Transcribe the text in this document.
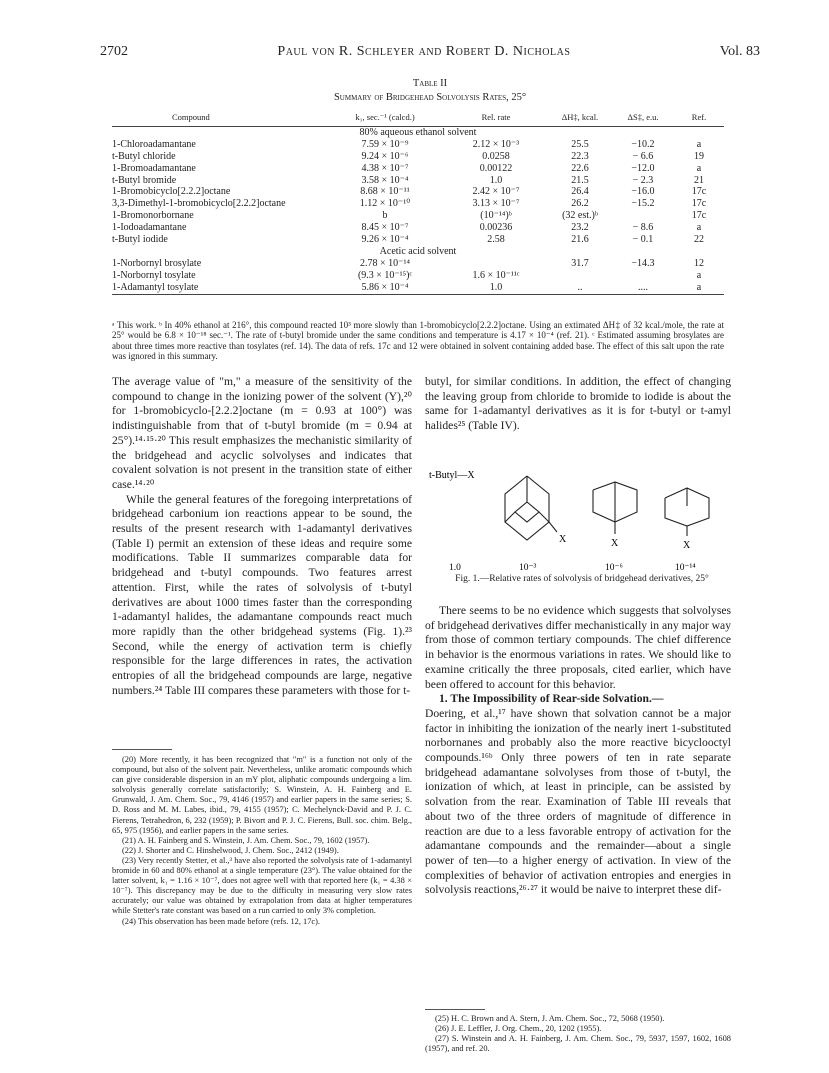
2702	Paul von R. Schleyer and Robert D. Nicholas	Vol. 83
Table II
Summary of Bridgehead Solvolysis Rates, 25°
Compound	k₁, sec.⁻¹ (calcd.)	Rel. rate	ΔH‡, kcal.	ΔS‡, e.u.	Ref.
80% aqueous ethanol solvent					
1-Chloroadamantane	7.59 × 10⁻⁹	2.12 × 10⁻³	25.5	−10.2	a
t-Butyl chloride	9.24 × 10⁻⁶	0.0258	22.3	− 6.6	19
1-Bromoadamantane	4.38 × 10⁻⁷	0.00122	22.6	−12.0	a
t-Butyl bromide	3.58 × 10⁻⁴	1.0	21.5	− 2.3	21
1-Bromobicyclo[2.2.2]octane	8.68 × 10⁻¹¹	2.42 × 10⁻⁷	26.4	−16.0	17c
3,3-Dimethyl-1-bromobicyclo[2.2.2]octane	1.12 × 10⁻¹⁰	3.13 × 10⁻⁷	26.2	−15.2	17c
1-Bromonorbornane	b	(10⁻¹⁴)ᵇ	(32 est.)ᵇ		17c
1-Iodoadamantane	8.45 × 10⁻⁷	0.00236	23.2	− 8.6	a
t-Butyl iodide	9.26 × 10⁻⁴	2.58	21.6	− 0.1	22
Acetic acid solvent					
1-Norbornyl brosylate	2.78 × 10⁻¹⁴		31.7	−14.3	12
1-Norbornyl tosylate	(9.3 × 10⁻¹⁵)ᶜ	1.6 × 10⁻¹¹ᶜ			a
1-Adamantyl tosylate	5.86 × 10⁻⁴	1.0	..	....	a
ᵃ This work. ᵇ In 40% ethanol at 216°, this compound reacted 10³ more slowly than 1-bromobicyclo[2.2.2]octane. Using an extimated ΔH‡ of 32 kcal./mole, the rate at 25° would be 6.8 × 10⁻¹⁸ sec.⁻¹. The rate of t-butyl bromide under the same conditions and temperature is 4.17 × 10⁻⁴ (ref. 21). ᶜ Estimated assuming brosylates are about three times more reactive than tosylates (ref. 14). The data of refs. 17c and 12 were obtained in solvent containing added base. The effect of this salt upon the rate was ignored in this summary.

The average value of "m," a measure of the sensitivity of the compound to change in the ionizing power of the solvent (Y),²⁰ for 1-bromobicyclo-[2.2.2]octane (m = 0.93 at 100°) was indistinguishable from that of t-butyl bromide (m = 0.94 at 25°).¹⁴·¹⁵·²⁰ This result emphasizes the mechanistic similarity of the bridgehead and acyclic solvolyses and indicates that covalent solvation is not present in the transition state of either case.¹⁴·²⁰

While the general features of the foregoing interpretations of bridgehead carbonium ion reactions appear to be sound, the results of the present research with 1-adamantyl derivatives (Table I) permit an extension of these ideas and require some modifications. Table II summarizes comparable data for bridgehead and t-butyl compounds. Two features arrest attention. First, while the rates of solvolysis of t-butyl derivatives are about 1000 times faster than the corresponding 1-adamantyl halides, the adamantane compounds react much more rapidly than the other bridgehead systems (Fig. 1).²³ Second, while the energy of activation term is chiefly responsible for the large differences in rates, the activation entropies of all the bridgehead compounds are large, negative numbers.²⁴ Table III compares these parameters with those for t-

(20) More recently, it has been recognized that "m" is a function not only of the compound, but also of the solvent pair. Nevertheless, unlike aromatic compounds which can give considerable dispersion in an mY plot, aliphatic compounds undergoing a lim. solvolysis generally correlate satisfactorily; S. Winstein, A. H. Fainberg and E. Grunwald, J. Am. Chem. Soc., 79, 4146 (1957) and earlier papers in the same series; S. D. Ross and M. M. Labes, ibid., 79, 4155 (1957); C. Mechelynck-David and P. J. C. Fierens, Tetrahedron, 6, 232 (1959); P. Bivort and P. J. C. Fierens, Bull. soc. chim. Belg., 65, 975 (1956), and earlier papers in the same series.

(21) A. H. Fainberg and S. Winstein, J. Am. Chem. Soc., 79, 1602 (1957).

(22) J. Shorter and C. Hinshelwood, J. Chem. Soc., 2412 (1949).

(23) Very recently Stetter, et al.,³ have also reported the solvolysis rate of 1-adamantyl bromide in 60 and 80% ethanol at a single temperature (23°). The value obtained for the latter solvent, k₁ = 1.16 × 10⁻⁷, does not agree well with that reported here (k₁ = 4.38 × 10⁻⁷). This discrepancy may be due to the difficulty in measuring very slow rates accurately; our value was obtained by extrapolation from data at higher temperatures while Stetter's rate constant was based on a run carried to only 3% completion.

(24) This observation has been made before (refs. 12, 17c).

butyl, for similar conditions. In addition, the effect of changing the leaving group from chloride to bromide to iodide is about the same for 1-adamantyl derivatives as it is for t-butyl or t-amyl halides²⁵ (Table IV).

t-Butyl—X
X	X	X
1.0	10⁻³	10⁻⁶	10⁻¹⁴
Fig. 1.—Relative rates of solvolysis of bridgehead derivatives, 25°

There seems to be no evidence which suggests that solvolyses of bridgehead derivatives differ mechanistically in any major way from those of common tertiary compounds. The chief difference in behavior is the enormous variations in rates. We should like to examine critically the three proposals, cited earlier, which have been offered to account for this behavior.

1. The Impossibility of Rear-side Solvation.—

Doering, et al.,¹⁷ have shown that solvation cannot be a major factor in inhibiting the ionization of the nearly inert 1-substituted norbornanes and probably also the more reactive bicyclooctyl compounds.¹⁶ᵇ Only three powers of ten in rate separate bridgehead adamantane solvolyses from those of t-butyl, the ionization of which, at least in principle, can be assisted by solvation from the rear. Examination of Table III reveals that about two of the three orders of magnitude of difference in reaction are due to a less favorable entropy of activation for the adamantane compounds and the remainder—about a single power of ten—to a higher energy of activation. In view of the complexities of behavior of activation entropies and energies in solvolysis reactions,²⁶·²⁷ it would be naive to interpret these dif-

(25) H. C. Brown and A. Stern, J. Am. Chem. Soc., 72, 5068 (1950).

(26) J. E. Leffler, J. Org. Chem., 20, 1202 (1955).

(27) S. Winstein and A. H. Fainberg, J. Am. Chem. Soc., 79, 5937, 1597, 1602, 1608 (1957), and ref. 20.
